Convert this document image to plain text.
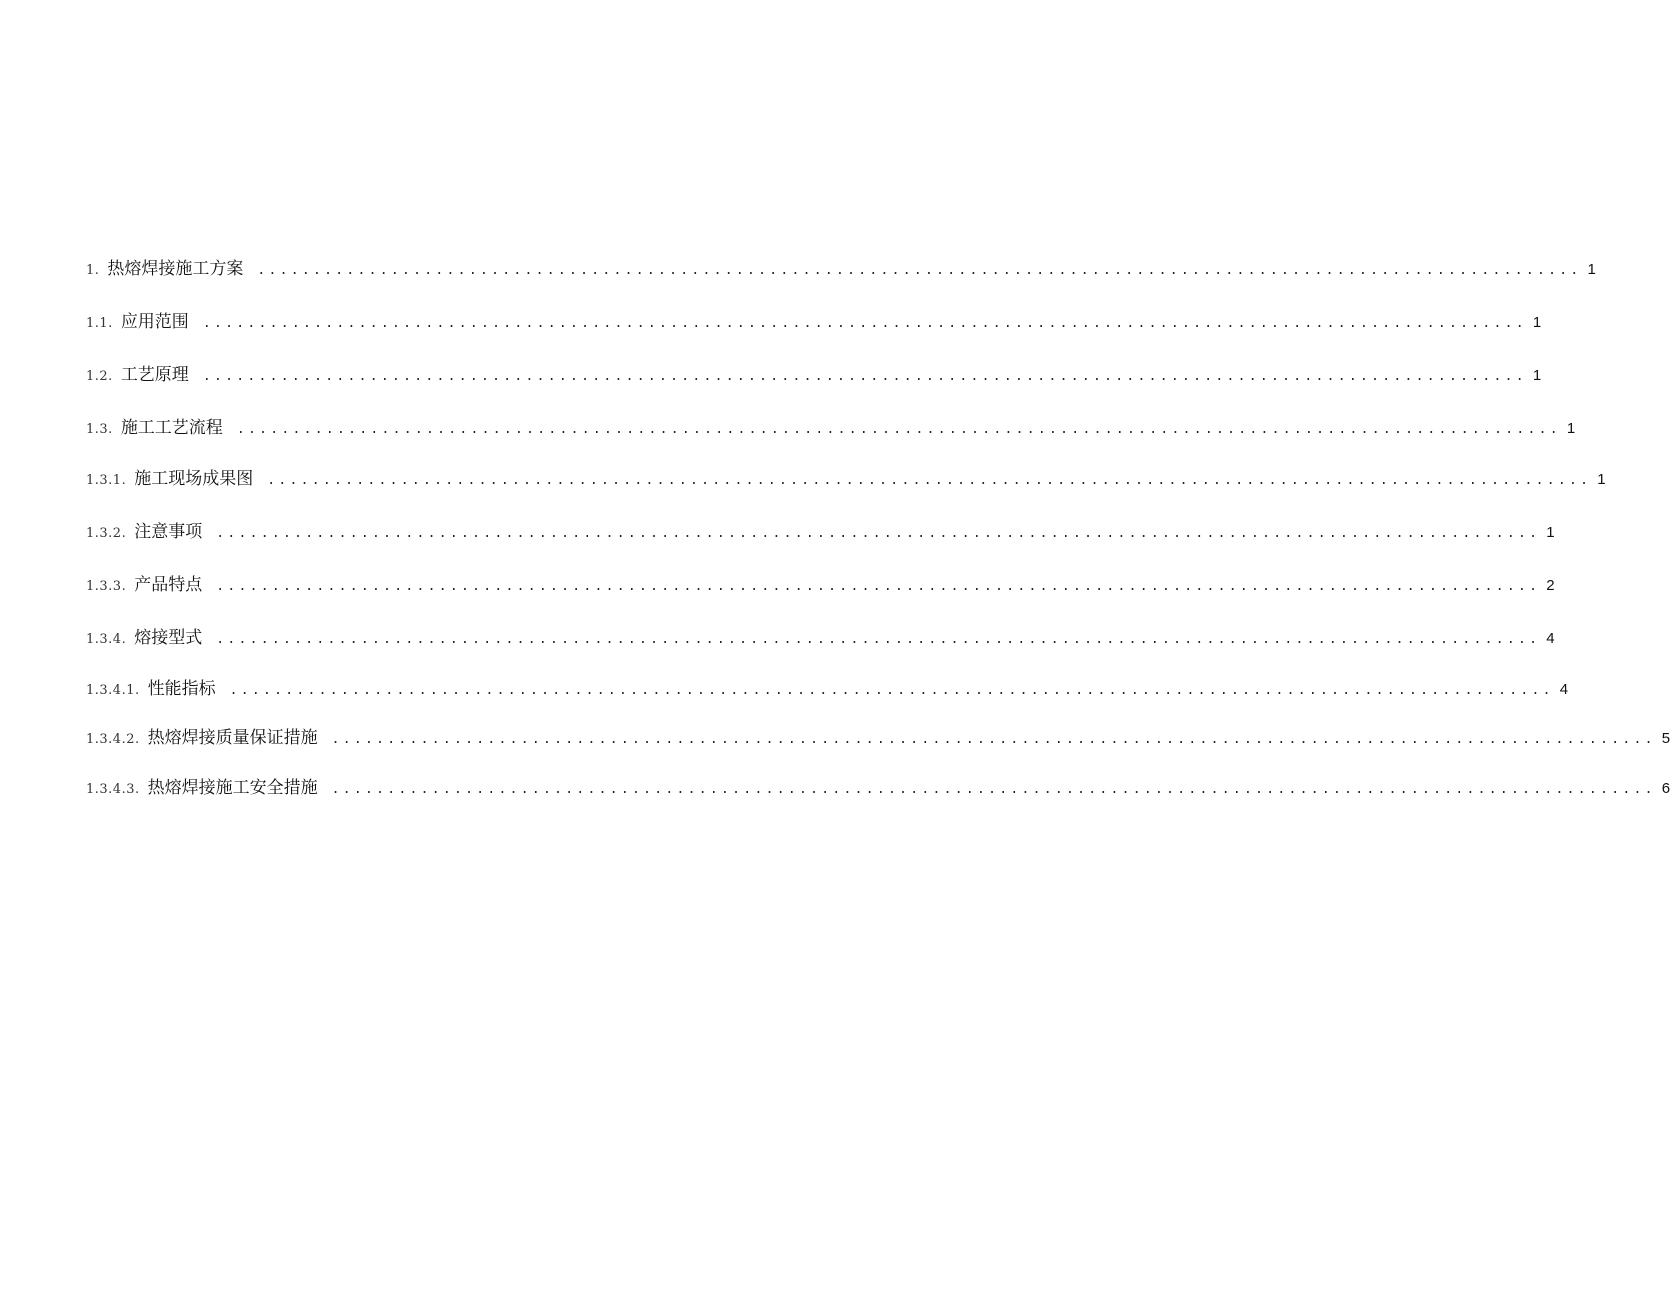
1. 热熔焊接施工方案 ....................................................................................................................... 1
1.1. 应用范围 ....................................................................................................................... 1
1.2. 工艺原理 ....................................................................................................................... 1
1.3. 施工工艺流程 ....................................................................................................................... 1
1.3.1. 施工现场成果图 ....................................................................................................................... 1
1.3.2. 注意事项 ....................................................................................................................... 1
1.3.3. 产品特点 ....................................................................................................................... 2
1.3.4. 熔接型式 ....................................................................................................................... 4
1.3.4.1. 性能指标 ....................................................................................................................... 4
1.3.4.2. 热熔焊接质量保证措施 ....................................................................................................................... 5
1.3.4.3. 热熔焊接施工安全措施 ....................................................................................................................... 6
